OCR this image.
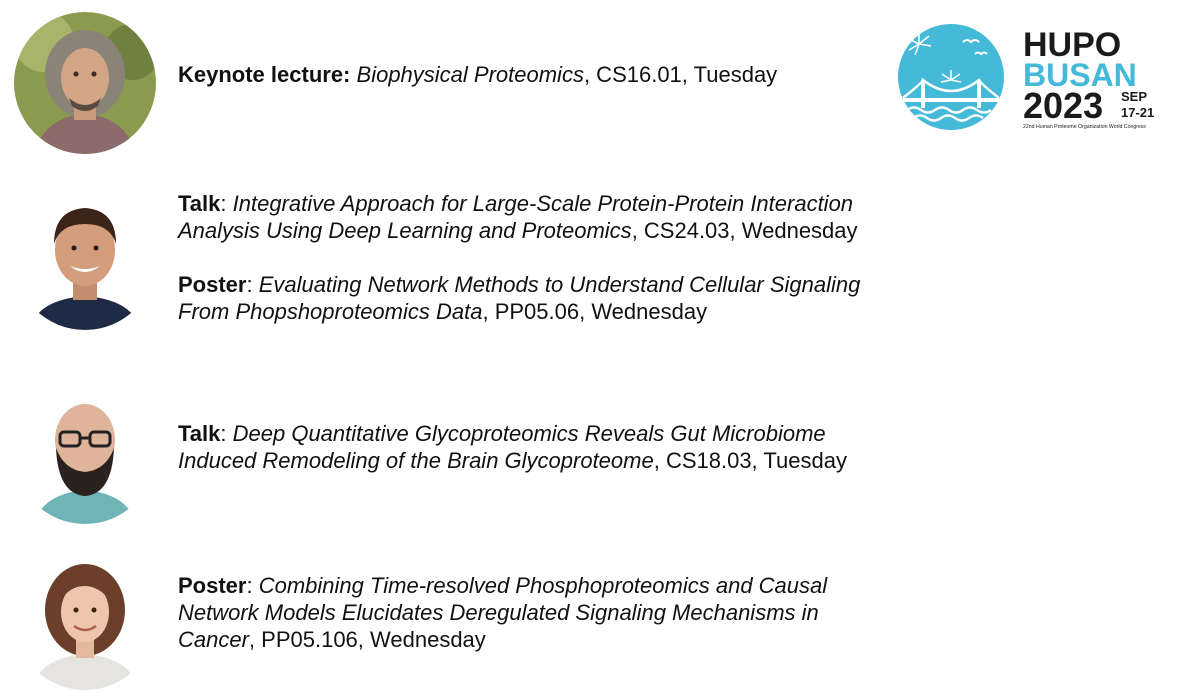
Keynote lecture: Biophysical Proteomics, CS16.01, Tuesday

Talk: Integrative Approach for Large-Scale Protein-Protein Interaction
Analysis Using Deep Learning and Proteomics, CS24.03, Wednesday

Poster: Evaluating Network Methods to Understand Cellular Signaling
From Phopshoproteomics Data, PP05.06, Wednesday

Talk: Deep Quantitative Glycoproteomics Reveals Gut Microbiome
Induced Remodeling of the Brain Glycoproteome, CS18.03, Tuesday

Poster: Combining Time-resolved Phosphoproteomics and Causal
Network Models Elucidates Deregulated Signaling Mechanisms in
Cancer, PP05.106, Wednesday

HUPO
BUSAN
2023 SEP
17-21
22nd Human Proteome Organization World Congress
